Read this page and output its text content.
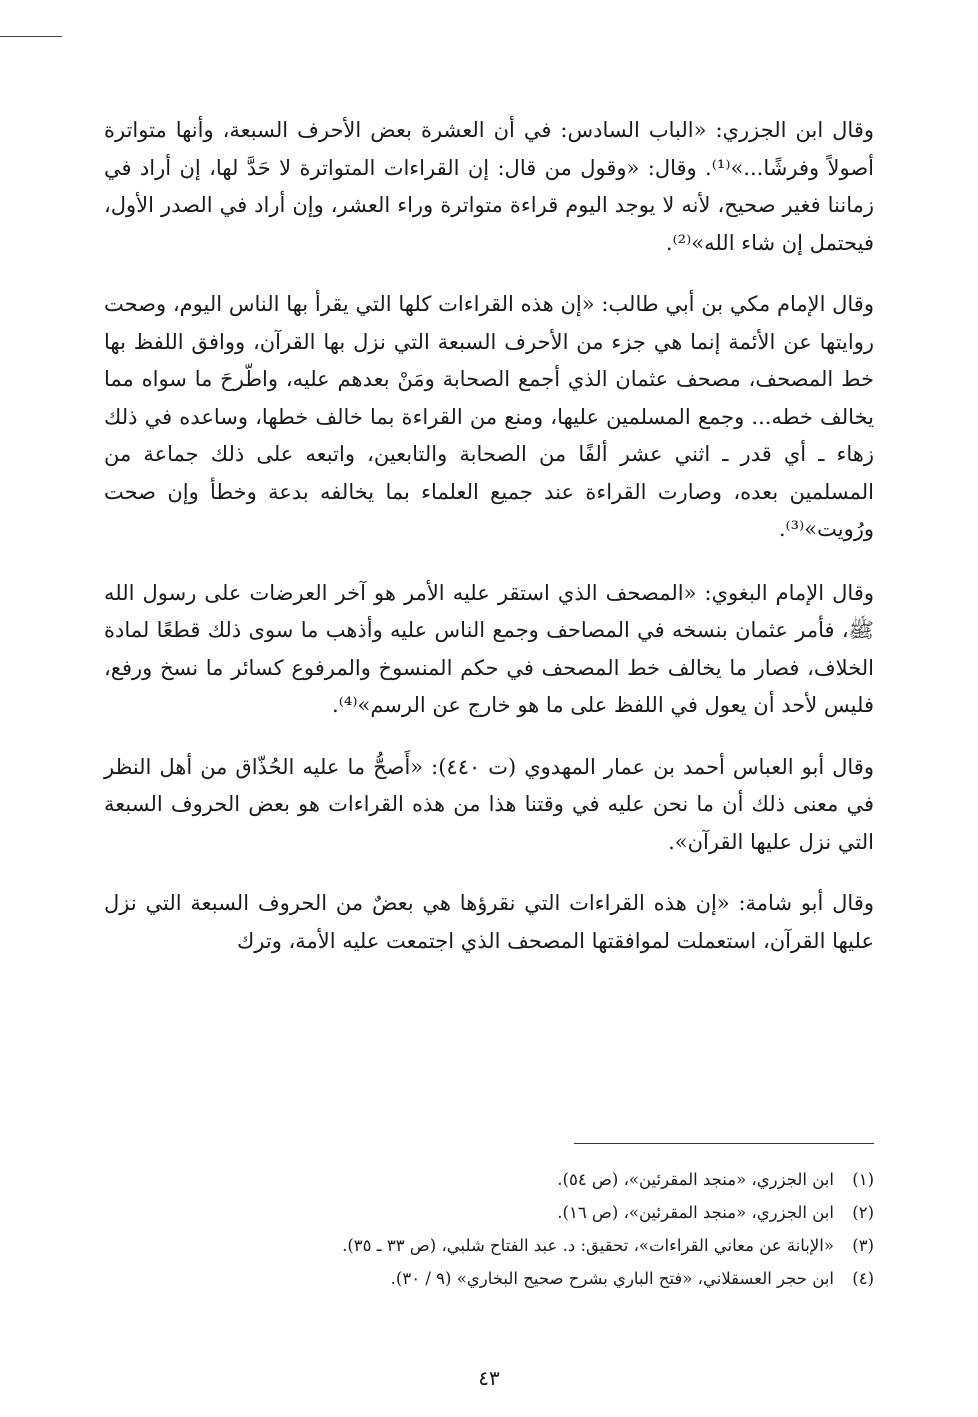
وقال ابن الجزري: «الباب السادس: في أن العشرة بعض الأحرف السبعة، وأنها متواترة أصولاً وفرشًا...»⁽¹⁾. وقال: «وقول من قال: إن القراءات المتواترة لا حَدَّ لها، إن أراد في زماننا فغير صحيح، لأنه لا يوجد اليوم قراءة متواترة وراء العشر، وإن أراد في الصدر الأول، فيحتمل إن شاء الله»⁽²⁾.

وقال الإمام مكي بن أبي طالب: «إن هذه القراءات كلها التي يقرأ بها الناس اليوم، وصحت روايتها عن الأئمة إنما هي جزء من الأحرف السبعة التي نزل بها القرآن، ووافق اللفظ بها خط المصحف، مصحف عثمان الذي أجمع الصحابة ومَنْ بعدهم عليه، واطّرحَ ما سواه مما يخالف خطه... وجمع المسلمين عليها، ومنع من القراءة بما خالف خطها، وساعده في ذلك زهاء ـ أي قدر ـ اثني عشر ألفًا من الصحابة والتابعين، واتبعه على ذلك جماعة من المسلمين بعده، وصارت القراءة عند جميع العلماء بما يخالفه بدعة وخطأ وإن صحت ورُويت»⁽³⁾.

وقال الإمام البغوي: «المصحف الذي استقر عليه الأمر هو آخر العرضات على رسول الله ﷺ، فأمر عثمان بنسخه في المصاحف وجمع الناس عليه وأذهب ما سوى ذلك قطعًا لمادة الخلاف، فصار ما يخالف خط المصحف في حكم المنسوخ والمرفوع كسائر ما نسخ ورفع، فليس لأحد أن يعول في اللفظ على ما هو خارج عن الرسم»⁽⁴⁾.

وقال أبو العباس أحمد بن عمار المهدوي (ت ٤٤٠): «أَصحُّ ما عليه الحُذّاق من أهل النظر في معنى ذلك أن ما نحن عليه في وقتنا هذا من هذه القراءات هو بعض الحروف السبعة التي نزل عليها القرآن».

وقال أبو شامة: «إن هذه القراءات التي نقرؤها هي بعضٌ من الحروف السبعة التي نزل عليها القرآن، استعملت لموافقتها المصحف الذي اجتمعت عليه الأمة، وترك

(١)ابن الجزري، «منجد المقرئين»، (ص ٥٤).
(٢)ابن الجزري، «منجد المقرئين»، (ص ١٦).
(٣)«الإبانة عن معاني القراءات»، تحقيق: د. عبد الفتاح شلبي، (ص ٣٣ ـ ٣٥).
(٤)ابن حجر العسقلاني، «فتح الباري بشرح صحيح البخاري» (٩ / ٣٠).
٤٣
